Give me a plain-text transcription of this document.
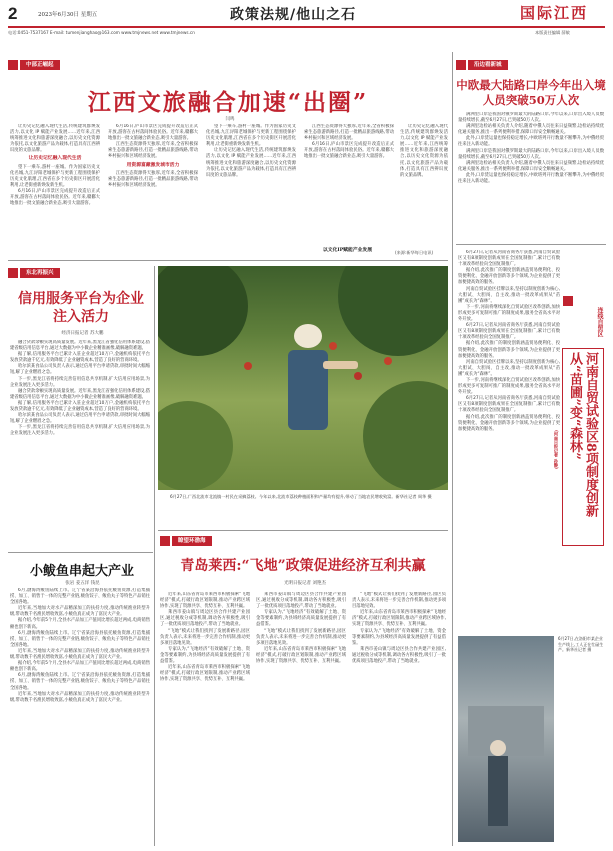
2	2023年6月30日 星期五	政策法规/他山之石	国际江西
电话:0451-7537167 E-mail: tumenjianghao@163.com www.tmjnews.net www.tmjnews.cn	本版责任编辑 薛敏
中部正崛起
江西文旅融合加速“出圈”
闫鸣

让历史记忆融入现代生活,传统建筑群焕发活力,以文化 IP 赋能产业发展……近年来,江西统筹推进文化和旅游深度融合,以历史文化资源为依托,以文化旅游产品为载体,打造具有江西辨识度的文旅品牌。

让历史记忆融入现代生活

望下一乘车,游村一座城。作为国家历史文化名城,九江浔阳老城保护与更新工程围绕保护历史文化肌理,江西省在多个历史街区开展活化利用,让老街重新焕发新生机。

6月16日,庐山市景区完成提升改造后正式开放,游客在古村落间体验民俗。近年来,赣鄱大地推出一批文旅融合新业态,吸引大量游客。

6月16日,庐山市景区完成提升改造后正式开放,游客在古村落间体验民俗。近年来,赣鄱大地推出一批文旅融合新业态,吸引大量游客。

江西生态资源得天独厚,近年来,全省积极探索生态旅游新路径,打造一批精品旅游线路,带动乡村振兴和区域经济发展。

用资源富藏激发城市活力

江西生态资源得天独厚,近年来,全省积极探索生态旅游新路径,打造一批精品旅游线路,带动乡村振兴和区域经济发展。

望下一乘车,游村一座城。作为国家历史文化名城,九江浔阳老城保护与更新工程围绕保护历史文化肌理,江西省在多个历史街区开展活化利用,让老街重新焕发新生机。

让历史记忆融入现代生活,传统建筑群焕发活力,以文化 IP 赋能产业发展……近年来,江西统筹推进文化和旅游深度融合,以历史文化资源为依托,以文化旅游产品为载体,打造具有江西辨识度的文旅品牌。

江西生态资源得天独厚,近年来,全省积极探索生态旅游新路径,打造一批精品旅游线路,带动乡村振兴和区域经济发展。

6月16日,庐山市景区完成提升改造后正式开放,游客在古村落间体验民俗。近年来,赣鄱大地推出一批文旅融合新业态,吸引大量游客。

让历史记忆融入现代生活,传统建筑群焕发活力,以文化 IP 赋能产业发展……近年来,江西统筹推进文化和旅游深度融合,以历史文化资源为依托,以文化旅游产品为载体,打造具有江西辨识度的文旅品牌。

以文化IP赋能产业发展	(来源:新华每日电讯)
东北再振兴
信用服务平台为企业注入活力
经济日报记者 苏大鹏

融合贷款余额实现高质量发展。近年来,黑龙江省强化信用体系建设,搭建省级信用信息平台,通过大数据为中小微企业精准画像,破解融资难题。

据了解,信用服务平台已累计入驻企业超过10万户,金融机构依托平台发放贷款逾千亿元,有效降低了企业融资成本,营造了良好的营商环境。

哈尔滨某食品公司负责人表示,通过信用平台申请贷款,审批时间大幅缩短,解了企业燃眉之急。

下一步,黑龙江省将持续完善信用信息共享机制,扩大信用应用场景,为企业发展注入更多活力。

融合贷款余额实现高质量发展。近年来,黑龙江省强化信用体系建设,搭建省级信用信息平台,通过大数据为中小微企业精准画像,破解融资难题。

据了解,信用服务平台已累计入驻企业超过10万户,金融机构依托平台发放贷款逾千亿元,有效降低了企业融资成本,营造了良好的营商环境。

哈尔滨某食品公司负责人表示,通过信用平台申请贷款,审批时间大幅缩短,解了企业燃眉之急。

下一步,黑龙江省将持续完善信用信息共享机制,扩大信用应用场景,为企业发展注入更多活力。

小鲅鱼串起大产业
张岩 姜五洋 钱昆

6月,渤海湾鲅鱼陆续上市。辽宁省某沿海县依托鲅鱼资源,打造集捕捞、加工、销售于一体的完整产业链,鲅鱼饺子、鲅鱼丸子等特色产品销往全国各地。

近年来,当地加大对水产品精深加工的扶持力度,推动传统渔业转型升级,带动数千名渔民增收致富,小鲅鱼真正成为了富民大产业。

据介绍,今年前5个月,全县水产品加工产值同比增长超过两成,电商销售额也创下新高。

6月,渤海湾鲅鱼陆续上市。辽宁省某沿海县依托鲅鱼资源,打造集捕捞、加工、销售于一体的完整产业链,鲅鱼饺子、鲅鱼丸子等特色产品销往全国各地。

近年来,当地加大对水产品精深加工的扶持力度,推动传统渔业转型升级,带动数千名渔民增收致富,小鲅鱼真正成为了富民大产业。

据介绍,今年前5个月,全县水产品加工产值同比增长超过两成,电商销售额也创下新高。

6月,渤海湾鲅鱼陆续上市。辽宁省某沿海县依托鲅鱼资源,打造集捕捞、加工、销售于一体的完整产业链,鲅鱼饺子、鲅鱼丸子等特色产品销往全国各地。

近年来,当地加大对水产品精深加工的扶持力度,推动传统渔业转型升级,带动数千名渔民增收致富,小鲅鱼真正成为了富民大产业。

6月27日,广西北流市北流镇一村民在采摘荔枝。今年以来,北流市荔枝种植面积和产量均有提升,带动了当地农民增收致富。新华社记者 周华 摄
瞭望环渤海
青岛莱西:“飞地”政策促进经济互利共赢
光明日报记者 刘艳杰

近年来,山东省青岛市莱西市积极探索“飞地经济”模式,打破行政区划限制,推动产业跨区域协作,实现了资源共享、优势互补、互利共赢。

莱西市姜山镇与周边区县合作共建产业园区,通过税收分成等机制,调动各方积极性,吸引了一批优质项目落地投产,带动了当地就业。

“飞地”模式让我们找到了发展新路径,园区负责人表示,未来将进一步完善合作机制,推动更多项目落地见效。

专家认为,“飞地经济”有效破解了土地、资金等要素制约,为县域经济高质量发展提供了有益借鉴。

近年来,山东省青岛市莱西市积极探索“飞地经济”模式,打破行政区划限制,推动产业跨区域协作,实现了资源共享、优势互补、互利共赢。

莱西市姜山镇与周边区县合作共建产业园区,通过税收分成等机制,调动各方积极性,吸引了一批优质项目落地投产,带动了当地就业。

专家认为,“飞地经济”有效破解了土地、资金等要素制约,为县域经济高质量发展提供了有益借鉴。

“飞地”模式让我们找到了发展新路径,园区负责人表示,未来将进一步完善合作机制,推动更多项目落地见效。

近年来,山东省青岛市莱西市积极探索“飞地经济”模式,打破行政区划限制,推动产业跨区域协作,实现了资源共享、优势互补、互利共赢。

“飞地”模式让我们找到了发展新路径,园区负责人表示,未来将进一步完善合作机制,推动更多项目落地见效。

近年来,山东省青岛市莱西市积极探索“飞地经济”模式,打破行政区划限制,推动产业跨区域协作,实现了资源共享、优势互补、互利共赢。

专家认为,“飞地经济”有效破解了土地、资金等要素制约,为县域经济高质量发展提供了有益借鉴。

莱西市姜山镇与周边区县合作共建产业园区,通过税收分成等机制,调动各方积极性,吸引了一批优质项目落地投产,带动了当地就业。

沿边看新城
中欧最大陆路口岸今年出入境人员突破50万人次

满洲里口岸是我国对俄罗斯最大的陆路口岸,今年以来,口岸出入境人员数量持续增长,截至6月27日,已突破50万人次。

满洲里边检站相关负责人介绍,随着中俄人员往来日益频繁,边检站持续优化通关服务,推出一系列便利举措,保障口岸安全顺畅通关。

此外,口岸货运量也保持稳定增长,中欧班列开行数量不断攀升,为中俄经贸往来注入新动能。

满洲里口岸是我国对俄罗斯最大的陆路口岸,今年以来,口岸出入境人员数量持续增长,截至6月27日,已突破50万人次。

满洲里边检站相关负责人介绍,随着中俄人员往来日益频繁,边检站持续优化通关服务,推出一系列便利举措,保障口岸安全顺畅通关。

此外,口岸货运量也保持稳定增长,中欧班列开行数量不断攀升,为中俄经贸往来注入新动能。

6月27日,记者从河南省商务厅获悉,河南自贸试验区又有8项制度创新成果在全国复制推广,累计已有数十项改革经验向全国复制推广。

据介绍,此次推广的制度创新涵盖贸易便利化、投资便利化、金融开放创新等多个领域,为企业提供了更加便捷高效的服务。

河南自贸试验区挂牌以来,坚持以制度创新为核心,大胆试、大胆闯、自主改,推动一批改革成果从“苗圃”成长为“森林”。

下一步,河南将继续深化自贸试验区改革创新,加快形成更多可复制可推广的制度成果,服务全省高水平对外开放。

6月27日,记者从河南省商务厅获悉,河南自贸试验区又有8项制度创新成果在全国复制推广,累计已有数十项改革经验向全国复制推广。

据介绍,此次推广的制度创新涵盖贸易便利化、投资便利化、金融开放创新等多个领域,为企业提供了更加便捷高效的服务。

河南自贸试验区挂牌以来,坚持以制度创新为核心,大胆试、大胆闯、自主改,推动一批改革成果从“苗圃”成长为“森林”。

下一步,河南将继续深化自贸试验区改革创新,加快形成更多可复制可推广的制度成果,服务全省高水平对外开放。

6月27日,记者从河南省商务厅获悉,河南自贸试验区又有8项制度创新成果在全国复制推广,累计已有数十项改革经验向全国复制推广。

据介绍,此次推广的制度创新涵盖贸易便利化、投资便利化、金融开放创新等多个领域,为企业提供了更加便捷高效的服务。

连线自贸区
河南自贸试验区8项制度创新从“苗圃”变“森林”
(河南日报记者 孙静)
6月27日,在洛阳市某企业生产线上,工人正在忙碌生产。新华社记者 摄
